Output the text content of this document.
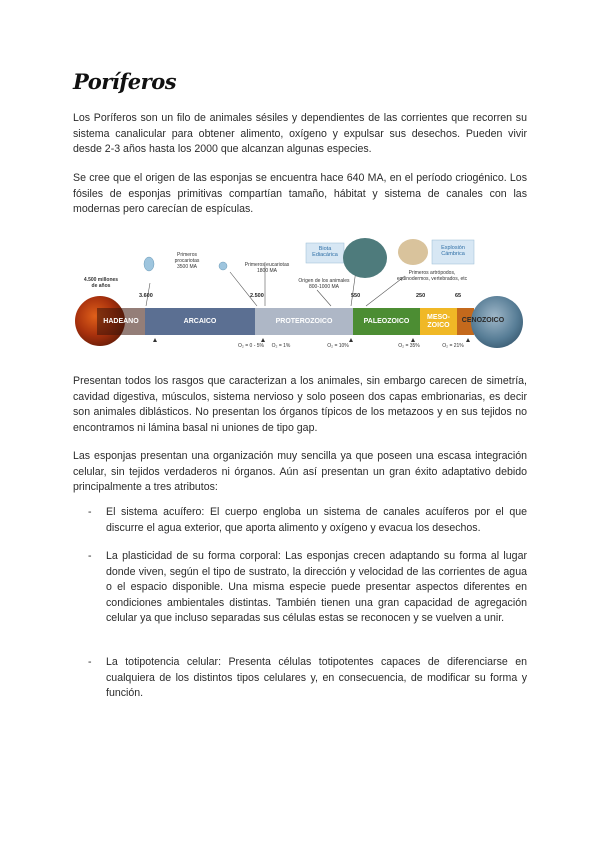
Poríferos

Los Poríferos son un filo de animales sésiles y dependientes de las corrientes que recorren su sistema canalicular para obtener alimento, oxígeno y expulsar sus desechos. Pueden vivir desde 2-3 años hasta los 2000 que alcanzan algunas especies.

Se cree que el origen de las esponjas se encuentra hace 640 MA, en el período criogénico. Los fósiles de esponjas primitivas compartían tamaño, hábitat y sistema de canales con las modernas pero carecían de espículas.

4.500 millones
de años
HADEANO	ARCAICO	PROTEROZOICO	PALEOZOICO
MESO-
ZOICO
CENOZOICO
3.600	2.500	550	250	65
Primeros
procariotas
3500 MA	Primeros eucariotas
1800 MA
Origen de los animales
800-1000 MA
Biota
Ediacárica
Explosión
Cámbrica
Primeros artrópodos,
equinodermos, vertebrados, etc
O₂ = 0 - 5%	O₂ = 1%	O₂ = 10%	O₂ = 35%	O₂ = 21%

Presentan todos los rasgos que caracterizan a los animales, sin embargo carecen de simetría, cavidad digestiva, músculos, sistema nervioso y solo poseen dos capas embrionarias, es decir son animales diblásticos. No presentan los órganos típicos de los metazoos y en sus tejidos no encontramos ni lámina basal ni uniones de tipo gap.

Las esponjas presentan una organización muy sencilla ya que poseen una escasa integración celular, sin tejidos verdaderos ni órganos. Aún así presentan un gran éxito adaptativo debido principalmente a tres atributos:

- El sistema acuífero: El cuerpo engloba un sistema de canales acuíferos por el que discurre el agua exterior, que aporta alimento y oxígeno y evacua los desechos.
- La plasticidad de su forma corporal: Las esponjas crecen adaptando su forma al lugar donde viven, según el tipo de sustrato, la dirección y velocidad de las corrientes de agua o el espacio disponible. Una misma especie puede presentar aspectos diferentes en condiciones ambientales distintas. También tienen una gran capacidad de agregación celular ya que incluso separadas sus células estas se reconocen y se vuelven a unir.
- La totipotencia celular: Presenta células totipotentes capaces de diferenciarse en cualquiera de los distintos tipos celulares y, en consecuencia, de modificar su forma y función.
